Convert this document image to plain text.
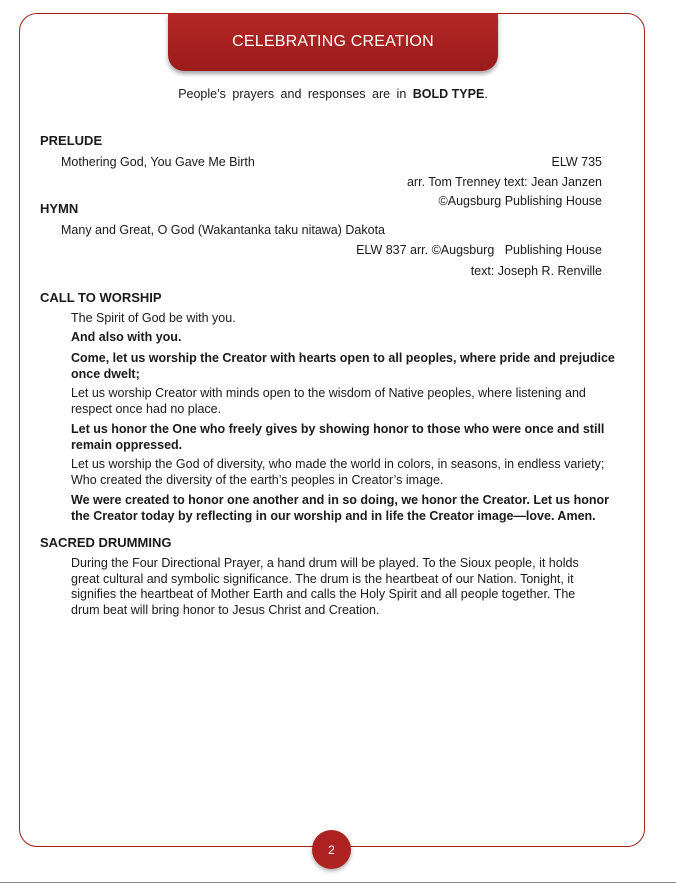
CELEBRATING CREATION
People’s prayers and responses are in BOLD TYPE.
PRELUDE
Mothering God, You Gave Me Birth	ELW 735
arr. Tom Trenney text: Jean Janzen
©Augsburg Publishing House
HYMN
Many and Great, O God (Wakantanka taku nitawa) Dakota
ELW 837 arr. ©Augsburg   Publishing House
text: Joseph R. Renville
CALL TO WORSHIP
The Spirit of God be with you.
And also with you.
Come, let us worship the Creator with hearts open to all peoples, where pride and prejudice once dwelt;
Let us worship Creator with minds open to the wisdom of Native peoples, where listening and respect once had no place.
Let us honor the One who freely gives by showing honor to those who were once and still remain oppressed.
Let us worship the God of diversity, who made the world in colors, in seasons, in endless variety; Who created the diversity of the earth’s peoples in Creator’s image.
We were created to honor one another and in so doing, we honor the Creator. Let us honor the Creator today by reflecting in our worship and in life the Creator image—love. Amen.
SACRED DRUMMING
During the Four Directional Prayer, a hand drum will be played. To the Sioux people, it holds great cultural and symbolic significance. The drum is the heartbeat of our Nation. Tonight, it signifies the heartbeat of Mother Earth and calls the Holy Spirit and all people together. The drum beat will bring honor to Jesus Christ and Creation.
2
